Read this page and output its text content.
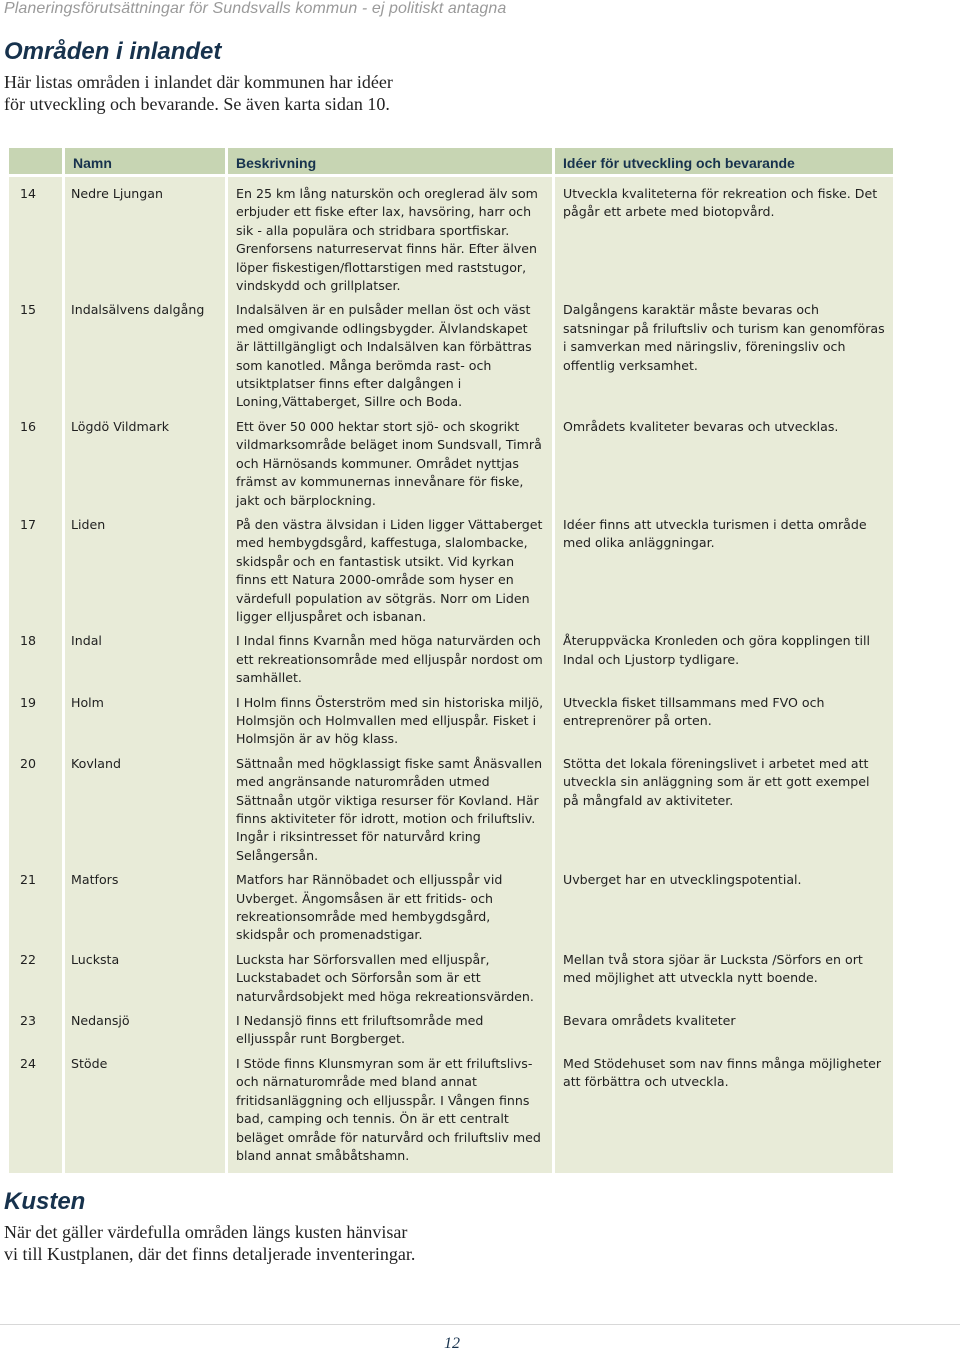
Planeringsförutsättningar för Sundsvalls kommun - ej politiskt antagna
Områden i inlandet
Här listas områden i inlandet där kommunen har idéer
för utveckling och bevarande. Se även karta sidan 10.
	Namn	Beskrivning	Idéer för utveckling och bevarande
14	Nedre Ljungan	En 25 km lång naturskön och oreglerad älv som erbjuder ett fiske efter lax, havsöring, harr och sik - alla populära och stridbara sportfiskar. Grenforsens naturreservat finns här. Efter älven löper fiskestigen/flottarstigen med raststugor, vindskydd och grillplatser.	Utveckla kvaliteterna för rekreation och fiske. Det pågår ett arbete med biotopvård.
15	Indalsälvens dalgång	Indalsälven är en pulsåder mellan öst och väst med omgivande odlingsbygder. Älvlandskapet är lättillgängligt och Indalsälven kan förbättras som kanotled. Många berömda rast- och utsiktplatser finns efter dalgången i Loning,Vättaberget, Sillre och Boda.	Dalgångens karaktär måste bevaras och satsningar på friluftsliv och turism kan genomföras i samverkan med näringsliv, föreningsliv och offentlig verksamhet.
16	Lögdö Vildmark	Ett över 50 000 hektar stort sjö- och skogrikt vildmarksområde beläget inom Sundsvall, Timrå och Härnösands kommuner. Området nyttjas främst av kommunernas innevånare för fiske, jakt och bärplockning.	Områdets kvaliteter bevaras och utvecklas.
17	Liden	På den västra älvsidan i Liden ligger Vättaberget med hembygdsgård, kaffestuga, slalombacke, skidspår och en fantastisk utsikt. Vid kyrkan finns ett Natura 2000-område som hyser en värdefull population av sötgräs. Norr om Liden ligger elljuspåret och isbanan.	Idéer finns att utveckla turismen i detta område med olika anläggningar.
18	Indal	I Indal finns Kvarnån med höga naturvärden och ett rekreationsområde med elljuspår nordost om samhället.	Återuppväcka Kronleden och göra kopplingen till Indal och Ljustorp tydligare.
19	Holm	I Holm finns Österström med sin historiska miljö, Holmsjön och Holmvallen med elljuspår. Fisket i Holmsjön är av hög klass.	Utveckla fisket tillsammans med FVO och entreprenörer på orten.
20	Kovland	Sättnaån med högklassigt fiske samt Ånäsvallen med angränsande naturområden utmed Sättnaån utgör viktiga resurser för Kovland. Här finns aktiviteter för idrott, motion och friluftsliv. Ingår i riksintresset för naturvård kring Selångersån.	Stötta det lokala föreningslivet i arbetet med att utveckla sin anläggning som är ett gott exempel på mångfald av aktiviteter.
21	Matfors	Matfors har Rännöbadet och elljusspår vid Uvberget. Ängomsåsen är ett fritids- och rekreationsområde med hembygdsgård, skidspår och promenadstigar.	Uvberget har en utvecklingspotential.
22	Lucksta	Lucksta har Sörforsvallen med elljuspår, Luckstabadet och Sörforsån som är ett naturvårdsobjekt med höga rekreationsvärden.	Mellan två stora sjöar är Lucksta /Sörfors en ort med möjlighet att utveckla nytt boende.
23	Nedansjö	I Nedansjö finns ett friluftsområde med elljusspår runt Borgberget.	Bevara områdets kvaliteter
24	Stöde	I Stöde finns Klunsmyran som är ett friluftslivs- och närnaturområde med bland annat fritidsanläggning och elljusspår. I Vången finns bad, camping och tennis. Ön är ett centralt beläget område för naturvård och friluftsliv med bland annat småbåtshamn.	Med Stödehuset som nav finns många möjligheter att förbättra och utveckla.
Kusten
När det gäller värdefulla områden längs kusten hänvisar
vi till Kustplanen, där det finns detaljerade inventeringar.
12
